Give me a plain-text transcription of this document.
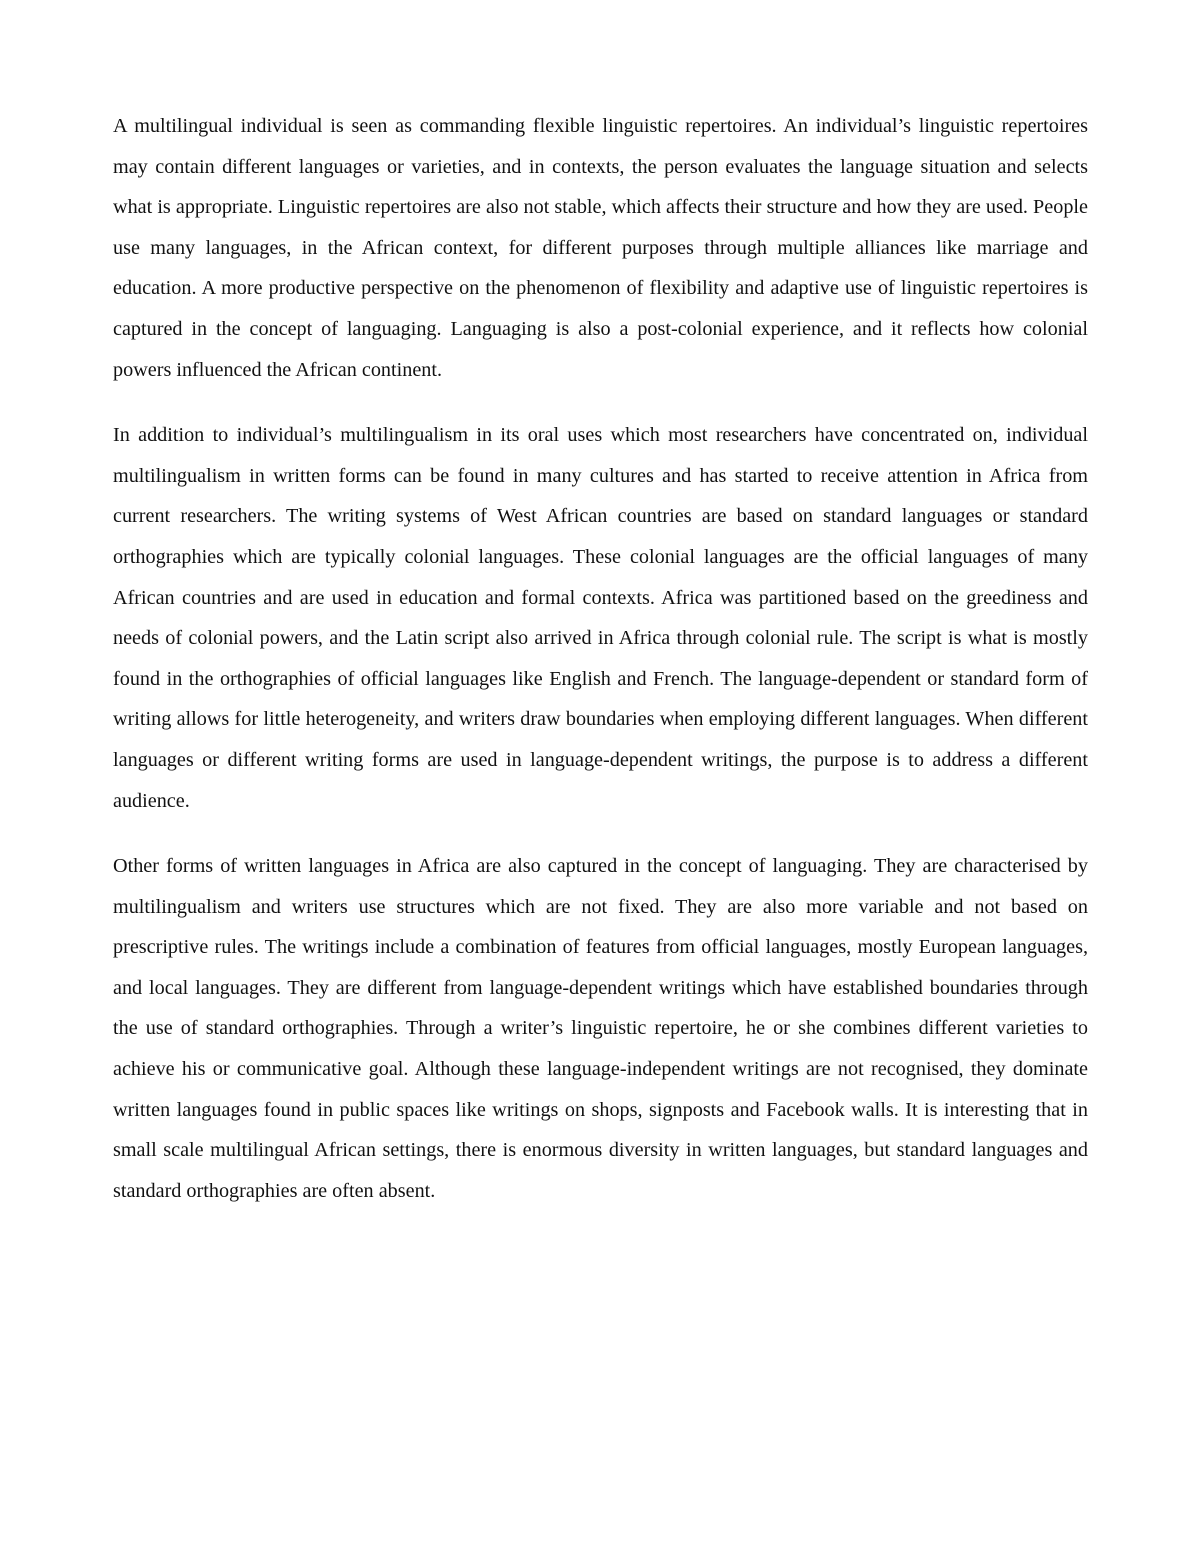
A multilingual individual is seen as commanding flexible linguistic repertoires. An individual’s linguistic repertoires may contain different languages or varieties, and in contexts, the person evaluates the language situation and selects what is appropriate. Linguistic repertoires are also not stable, which affects their structure and how they are used. People use many languages, in the African context, for different purposes through multiple alliances like marriage and education. A more productive perspective on the phenomenon of flexibility and adaptive use of linguistic repertoires is captured in the concept of languaging. Languaging is also a post-colonial experience, and it reflects how colonial powers influenced the African continent.

In addition to individual’s multilingualism in its oral uses which most researchers have concentrated on, individual multilingualism in written forms can be found in many cultures and has started to receive attention in Africa from current researchers. The writing systems of West African countries are based on standard languages or standard orthographies which are typically colonial languages. These colonial languages are the official languages of many African countries and are used in education and formal contexts. Africa was partitioned based on the greediness and needs of colonial powers, and the Latin script also arrived in Africa through colonial rule. The script is what is mostly found in the orthographies of official languages like English and French. The language-dependent or standard form of writing allows for little heterogeneity, and writers draw boundaries when employing different languages. When different languages or different writing forms are used in language-dependent writings, the purpose is to address a different audience.

Other forms of written languages in Africa are also captured in the concept of languaging. They are characterised by multilingualism and writers use structures which are not fixed. They are also more variable and not based on prescriptive rules. The writings include a combination of features from official languages, mostly European languages, and local languages. They are different from language-dependent writings which have established boundaries through the use of standard orthographies. Through a writer’s linguistic repertoire, he or she combines different varieties to achieve his or communicative goal. Although these language-independent writings are not recognised, they dominate written languages found in public spaces like writings on shops, signposts and Facebook walls. It is interesting that in small scale multilingual African settings, there is enormous diversity in written languages, but standard languages and standard orthographies are often absent.
